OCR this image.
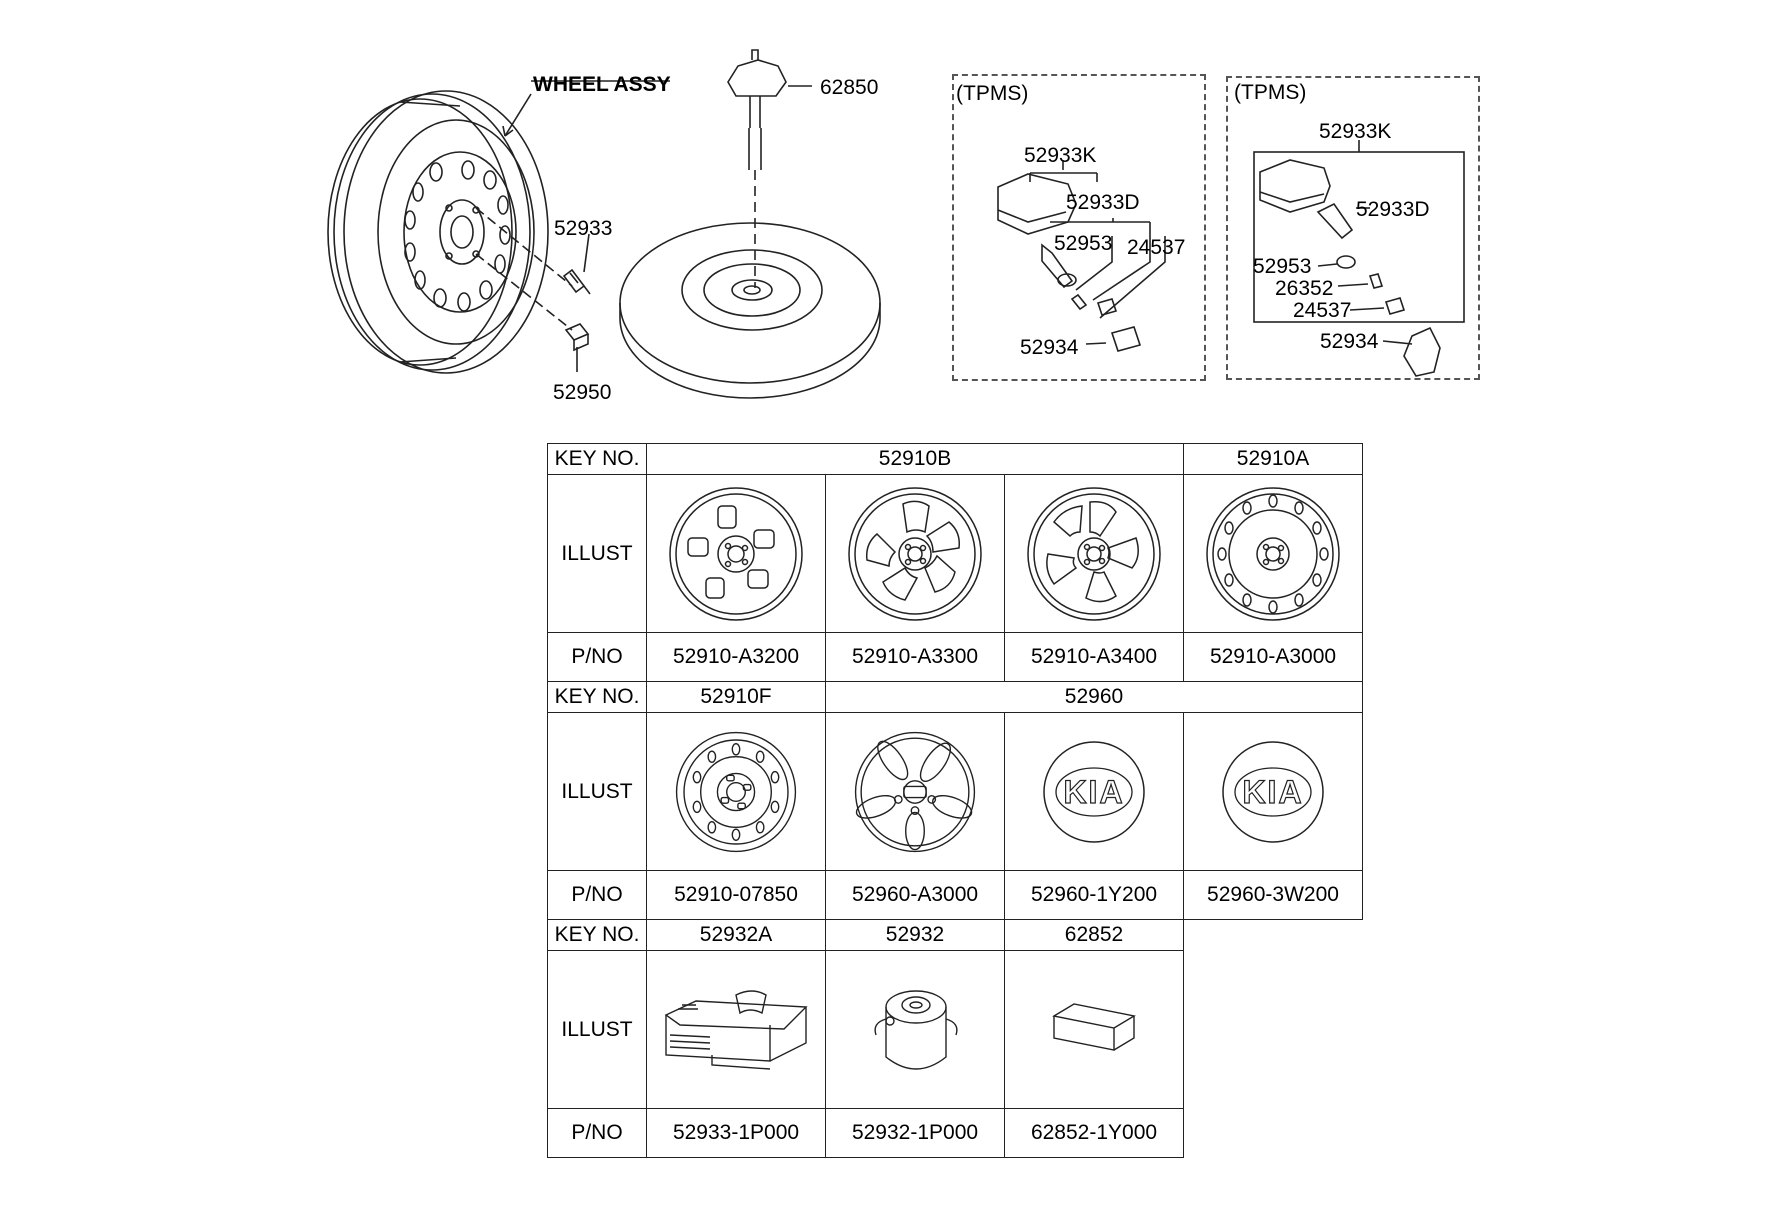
WHEEL ASSY
52933
52950
62850	(TPMS)
52933K
52933D
52953 24537
52934
(TPMS)
52933K
52933D
52953
26352
24537
52934
KEY NO.	52910B			52910A
ILLUST	

P/NO	52910-A3200	52910-A3300	52910-A3400	52910-A3000
KEY NO.	52910F	52960		
ILLUST			KIA	KIA

P/NO	52910-07850	52960-A3000	52960-1Y200	52960-3W200
KEY NO.	52932A	52932	62852	
ILLUST	

P/NO	52933-1P000	52932-1P000	62852-1Y000	
